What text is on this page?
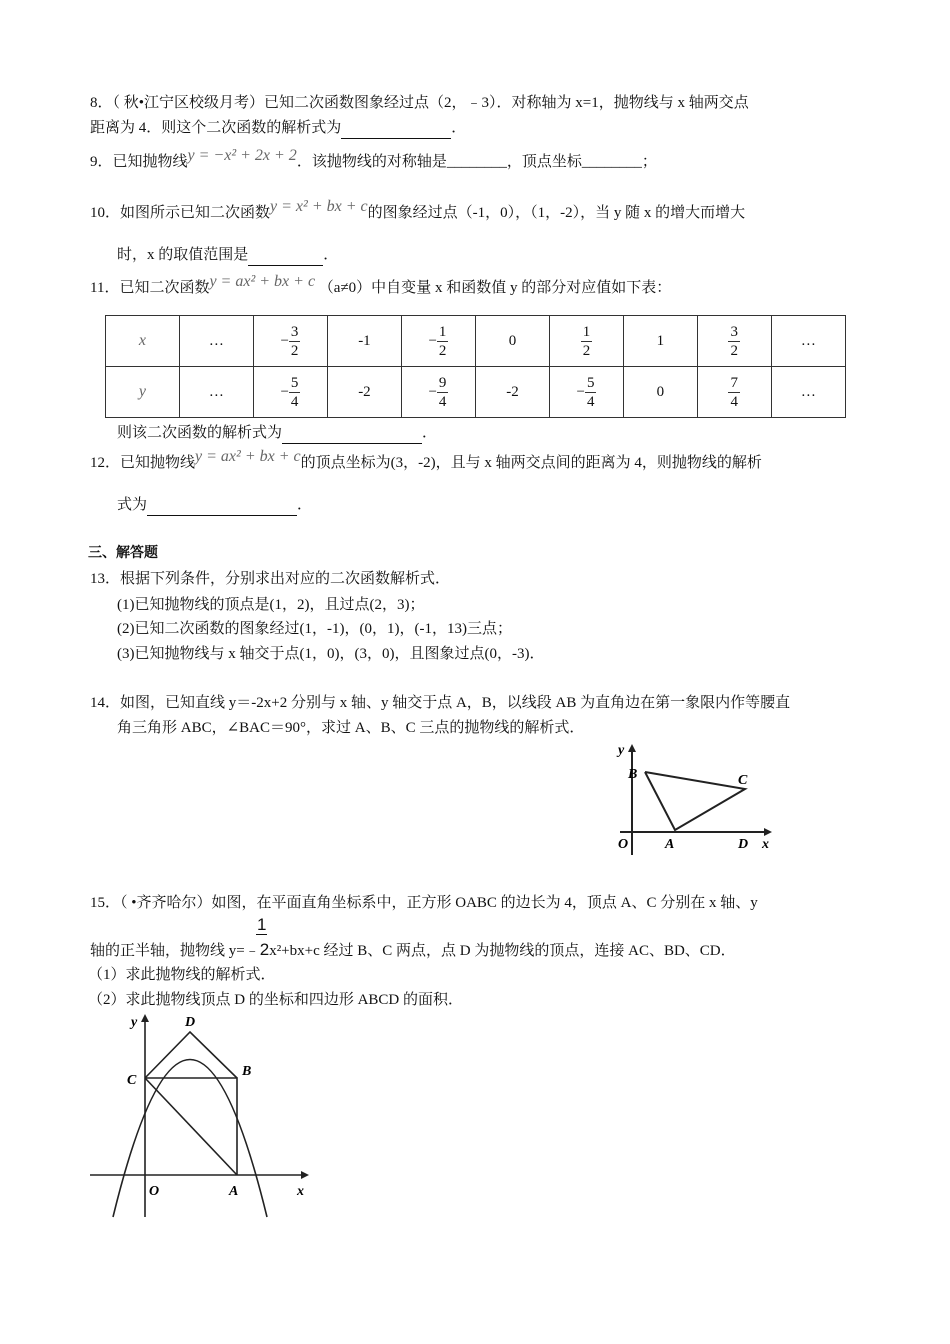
8．（ 秋•江宁区校级月考）已知二次函数图象经过点（2，﹣3）．对称轴为 x=1，抛物线与 x 轴两交点
距离为 4．则这个二次函数的解析式为	．
9．已知抛物线y = −x² + 2x + 2．该抛物线的对称轴是________，顶点坐标________；
10．如图所示已知二次函数y = x² + bx + c的图象经过点（-1，0），（1，-2），当 y 随 x 的增大而增大
时，x 的取值范围是	．
11．已知二次函数y = ax² + bx + c （a≠0）中自变量 x 和函数值 y 的部分对应值如下表：
x	…	− $\frac{3}{2}$	-1	− $\frac{1}{2}$	0	$\frac{1}{2}$	1	$\frac{3}{2}$	…
y	…	− $\frac{5}{4}$	-2	− $\frac{9}{4}$	-2	− $\frac{5}{4}$	0	$\frac{7}{4}$	…
则该二次函数的解析式为	．
12．已知抛物线y = ax² + bx + c的顶点坐标为(3，-2)，且与 x 轴两交点间的距离为 4，则抛物线的解析
式为	．
三、解答题
13．根据下列条件，分别求出对应的二次函数解析式．
(1)已知抛物线的顶点是(1，2)，且过点(2，3)；
(2)已知二次函数的图象经过(1，-1)，(0，1)，(-1，13)三点；
(3)已知抛物线与 x 轴交于点(1，0)，(3，0)，且图象过点(0，-3)．
14．如图，已知直线 y＝-2x+2 分别与 x 轴、y 轴交于点 A，B，以线段 AB 为直角边在第一象限内作等腰直
角三角形 ABC，∠BAC＝90°，求过 A、B、C 三点的抛物线的解析式．
y
B	C
O	A	D x
15．（ •齐齐哈尔）如图，在平面直角坐标系中，正方形 OABC 的边长为 4，顶点 A、C 分别在 x 轴、y
1
轴的正半轴，抛物线 y=﹣2x²+bx+c 经过 B、C 两点，点 D 为抛物线的顶点，连接 AC、BD、CD．
（1）求此抛物线的解析式．
（2）求此抛物线顶点 D 的坐标和四边形 ABCD 的面积．
y	D
C
B
O	A	x
